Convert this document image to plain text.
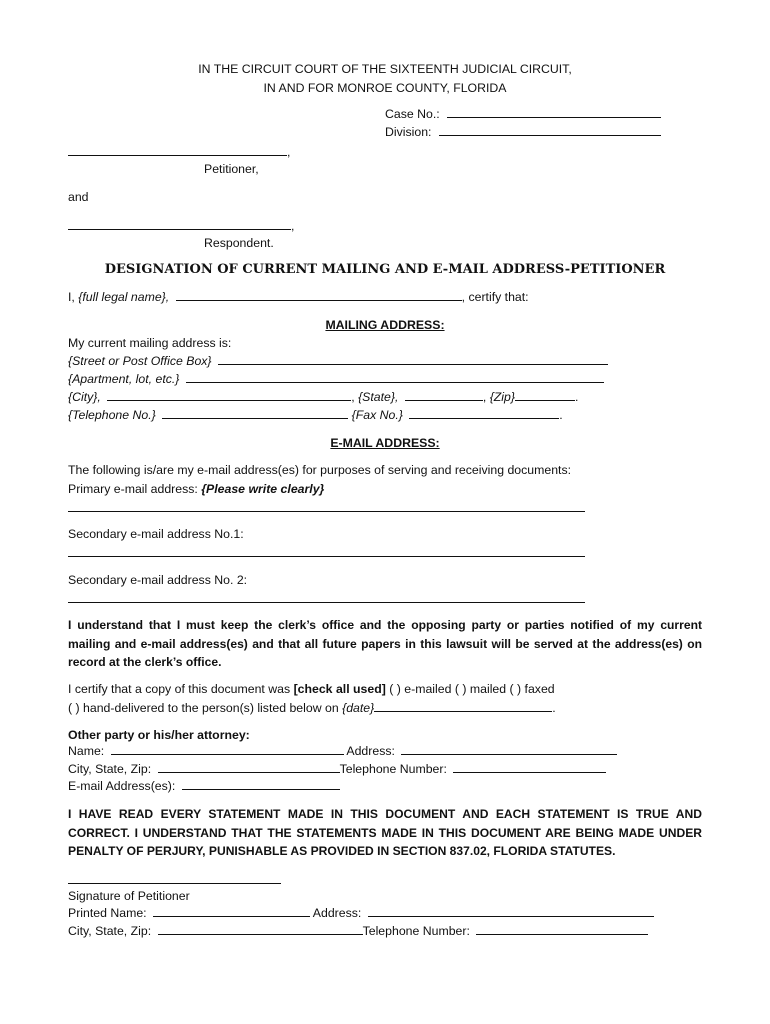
IN THE CIRCUIT COURT OF THE SIXTEENTH JUDICIAL CIRCUIT,
IN AND FOR MONROE COUNTY, FLORIDA
Case No.:
Division:
,
Petitioner,
and
,
Respondent.
DESIGNATION OF CURRENT MAILING AND E-MAIL ADDRESS-PETITIONER
I, {full legal name},	, certify that:
MAILING ADDRESS:
My current mailing address is:
{Street or Post Office Box}
{Apartment, lot, etc.}
{City},	, {State},	, {Zip}	.
{Telephone No.}	{Fax No.}	.
E-MAIL ADDRESS:
The following is/are my e-mail address(es) for purposes of serving and receiving documents:
Primary e-mail address: {Please write clearly}
Secondary e-mail address No.1:
Secondary e-mail address No. 2:
I understand that I must keep the clerk’s office and the opposing party or parties notified of my current mailing and e-mail address(es) and that all future papers in this lawsuit will be served at the address(es) on record at the clerk’s office.
I certify that a copy of this document was [check all used] ( ) e-mailed ( ) mailed ( ) faxed
( ) hand-delivered to the person(s) listed below on {date}	.
Other party or his/her attorney:
Name:	Address:
City, State, Zip:	Telephone Number:
E-mail Address(es):
I HAVE READ EVERY STATEMENT MADE IN THIS DOCUMENT AND EACH STATEMENT IS TRUE AND CORRECT. I UNDERSTAND THAT THE STATEMENTS MADE IN THIS DOCUMENT ARE BEING MADE UNDER PENALTY OF PERJURY, PUNISHABLE AS PROVIDED IN SECTION 837.02, FLORIDA STATUTES.
Signature of Petitioner
Printed Name:	Address:
City, State, Zip:	Telephone Number:
